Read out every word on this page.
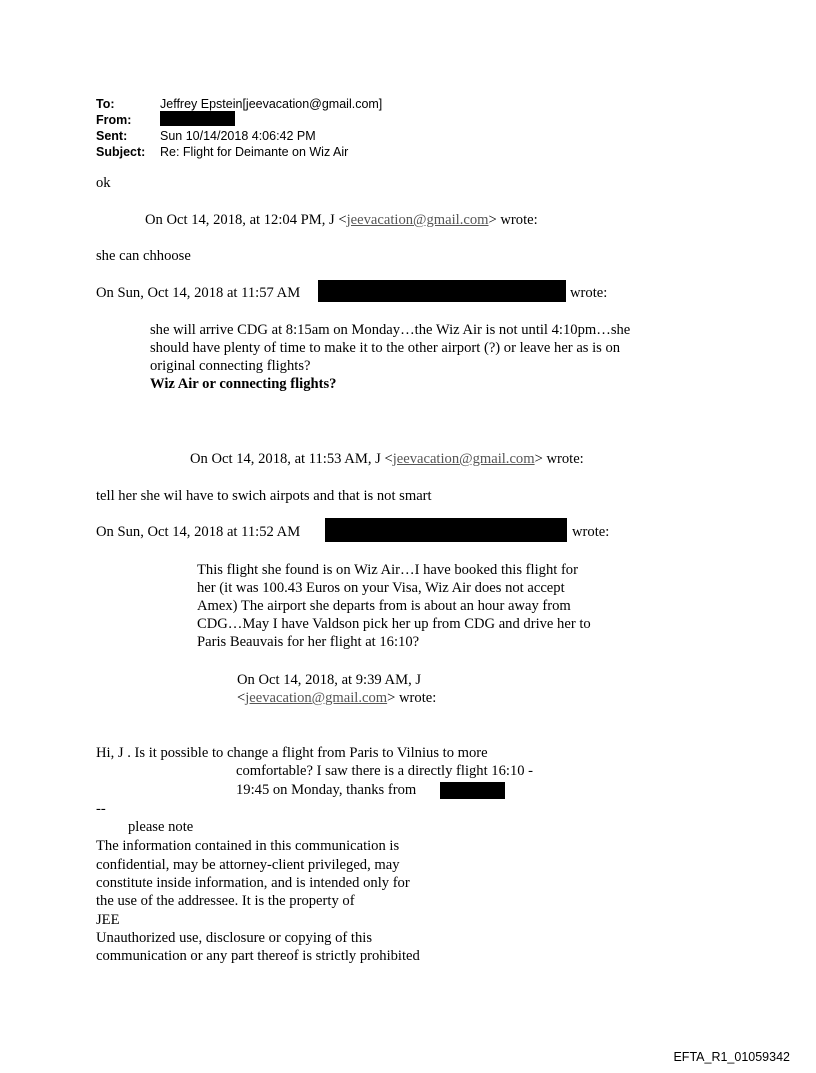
To:	Jeffrey Epstein[jeevacation@gmail.com]
From:
Sent:	Sun 10/14/2018 4:06:42 PM
Subject: Re: Flight for Deimante on Wiz Air
ok
On Oct 14, 2018, at 12:04 PM, J <jeevacation@gmail.com> wrote:
she can chhoose
On Sun, Oct 14, 2018 at 11:57 AM	wrote:
she will arrive CDG at 8:15am on Monday…the Wiz Air is not until 4:10pm…she
should have plenty of time to make it to the other airport (?) or leave her as is on
original connecting flights?
Wiz Air or connecting flights?
On Oct 14, 2018, at 11:53 AM, J <jeevacation@gmail.com> wrote:
tell her she wil have to swich airpots and that is not smart
On Sun, Oct 14, 2018 at 11:52 AM	wrote:
This flight she found is on Wiz Air…I have booked this flight for
her (it was 100.43 Euros on your Visa, Wiz Air does not accept
Amex) The airport she departs from is about an hour away from
CDG…May I have Valdson pick her up from CDG and drive her to
Paris Beauvais for her flight at 16:10?
On Oct 14, 2018, at 9:39 AM, J
<jeevacation@gmail.com> wrote:
Hi, J . Is it possible to change a flight from Paris to Vilnius to more
comfortable? I saw there is a directly flight 16:10 -
19:45 on Monday, thanks from
--
please note
The information contained in this communication is
confidential, may be attorney-client privileged, may
constitute inside information, and is intended only for
the use of the addressee. It is the property of
JEE
Unauthorized use, disclosure or copying of this
communication or any part thereof is strictly prohibited
EFTA_R1_01059342
